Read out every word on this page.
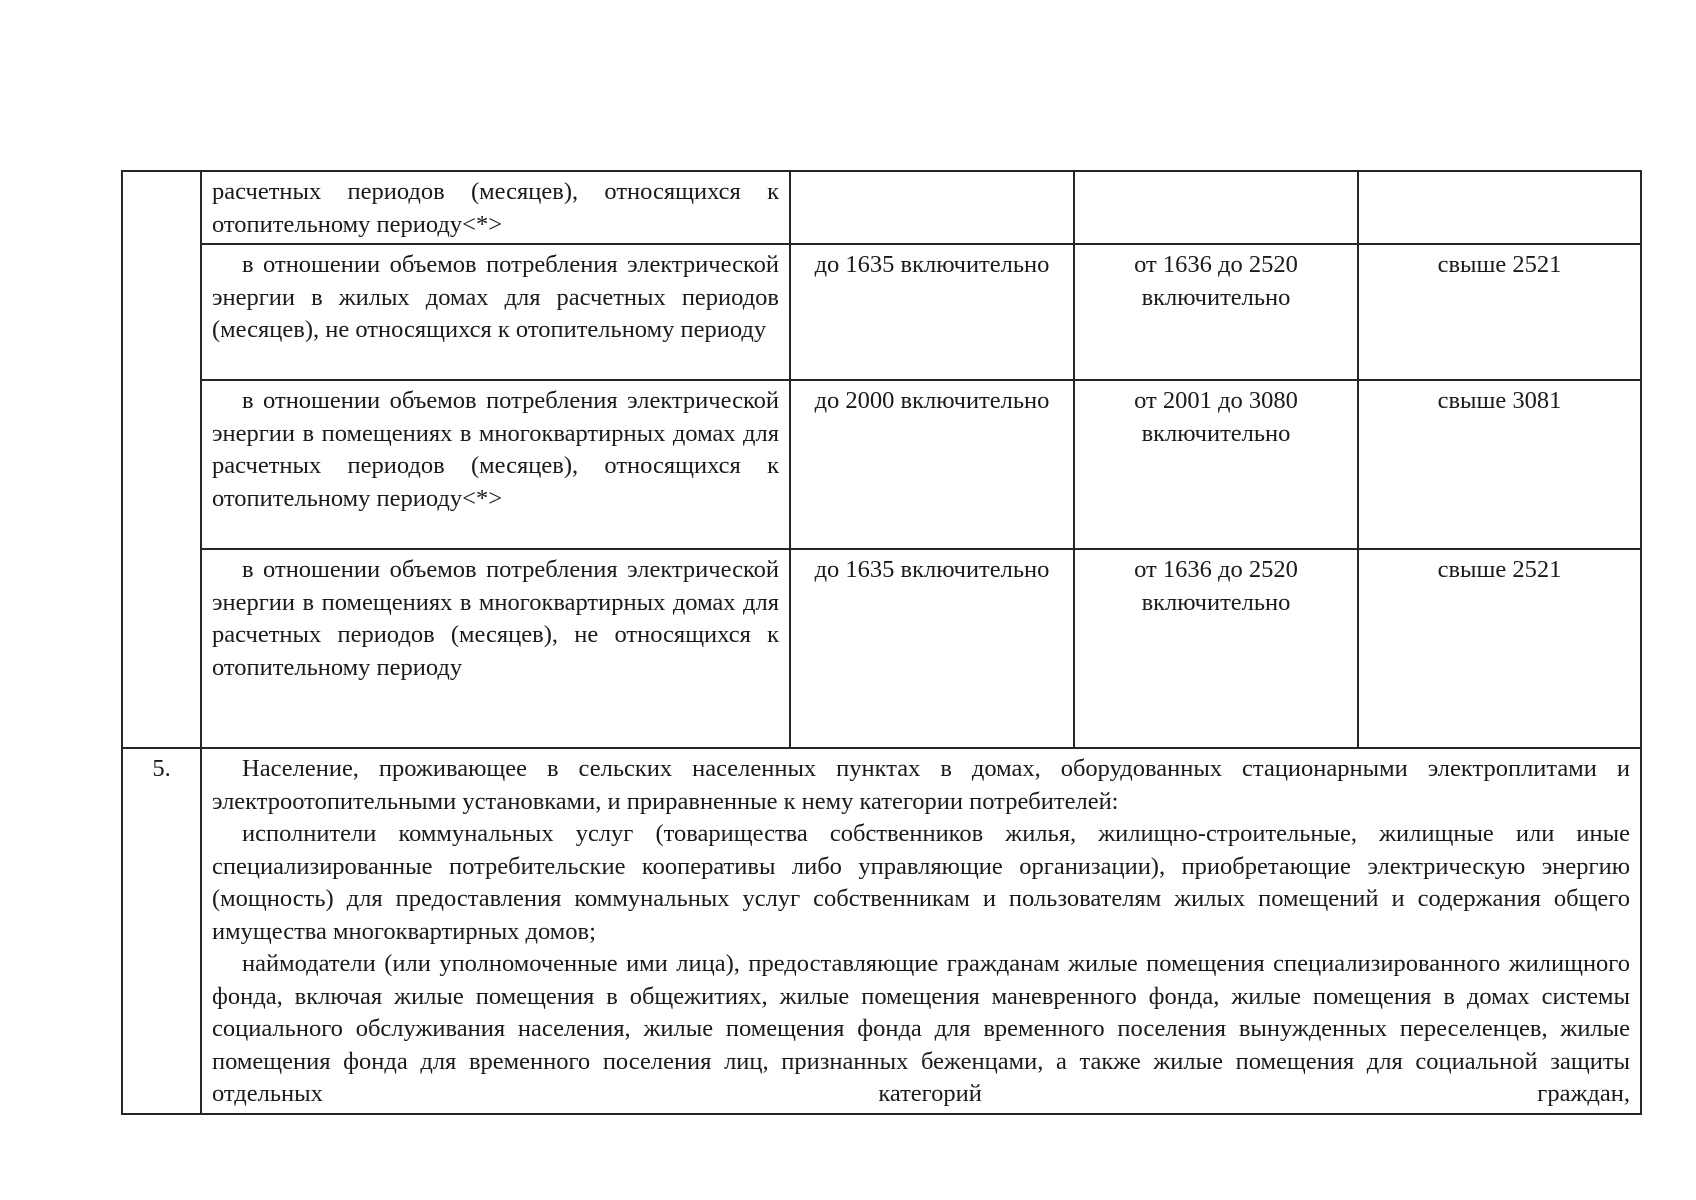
	расчетных периодов (месяцев), относящихся к отопительному периоду<*>			

	в отношении объемов потребления электрической энергии в жилых домах для расчетных периодов (месяцев), не относящихся к отопительному периоду	до 1635 включительно	от 1636 до 2520 включительно	свыше 2521

	в отношении объемов потребления электрической энергии в помещениях в многоквартирных домах для расчетных периодов (месяцев), относящихся к отопительному периоду<*>	до 2000 включительно	от 2001 до 3080 включительно	свыше 3081

	в отношении объемов потребления электрической энергии в помещениях в многоквартирных домах для расчетных периодов (месяцев), не относящихся к отопительному периоду	до 1635 включительно	от 1636 до 2520 включительно	свыше 2521

5.	Население, проживающее в сельских населенных пунктах в домах, оборудованных стационарными электроплитами и электроотопительными установками, и приравненные к нему категории потребителей:

исполнители коммунальных услуг (товарищества собственников жилья, жилищно-строительные, жилищные или иные специализированные потребительские кооперативы либо управляющие организации), приобретающие электрическую энергию (мощность) для предоставления коммунальных услуг собственникам и пользователям жилых помещений и содержания общего имущества многоквартирных домов;

наймодатели (или уполномоченные ими лица), предоставляющие гражданам жилые помещения специализированного жилищного фонда, включая жилые помещения в общежитиях, жилые помещения маневренного фонда, жилые помещения в домах системы социального обслуживания населения, жилые помещения фонда для временного поселения вынужденных переселенцев, жилые помещения фонда для временного поселения лиц, признанных беженцами, а также жилые помещения для социальной защиты отдельных категорий граждан,			
